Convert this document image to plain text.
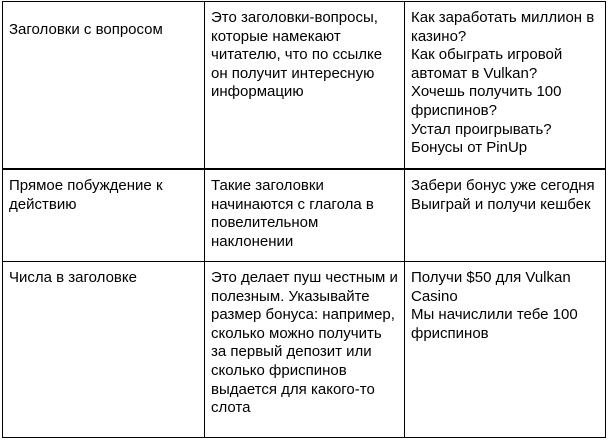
Заголовки с вопросом	Это заголовки-вопросы, которые намекают читателю, что по ссылке он получит интересную информацию	Как заработать миллион в казино?
Как обыграть игровой автомат в Vulkan?
Хочешь получить 100 фриспинов?
Устал проигрывать? Бонусы от PinUp

Прямое побуждение к действию	Такие заголовки начинаются с глагола в повелительном наклонении	Забери бонус уже сегодня
Выиграй и получи кешбек

Числа в заголовке	Это делает пуш честным и полезным. Указывайте размер бонуса: например, сколько можно получить за первый депозит или сколько фриспинов выдается для какого-то слота	Получи $50 для Vulkan Casino
Мы начислили тебе 100 фриспинов
